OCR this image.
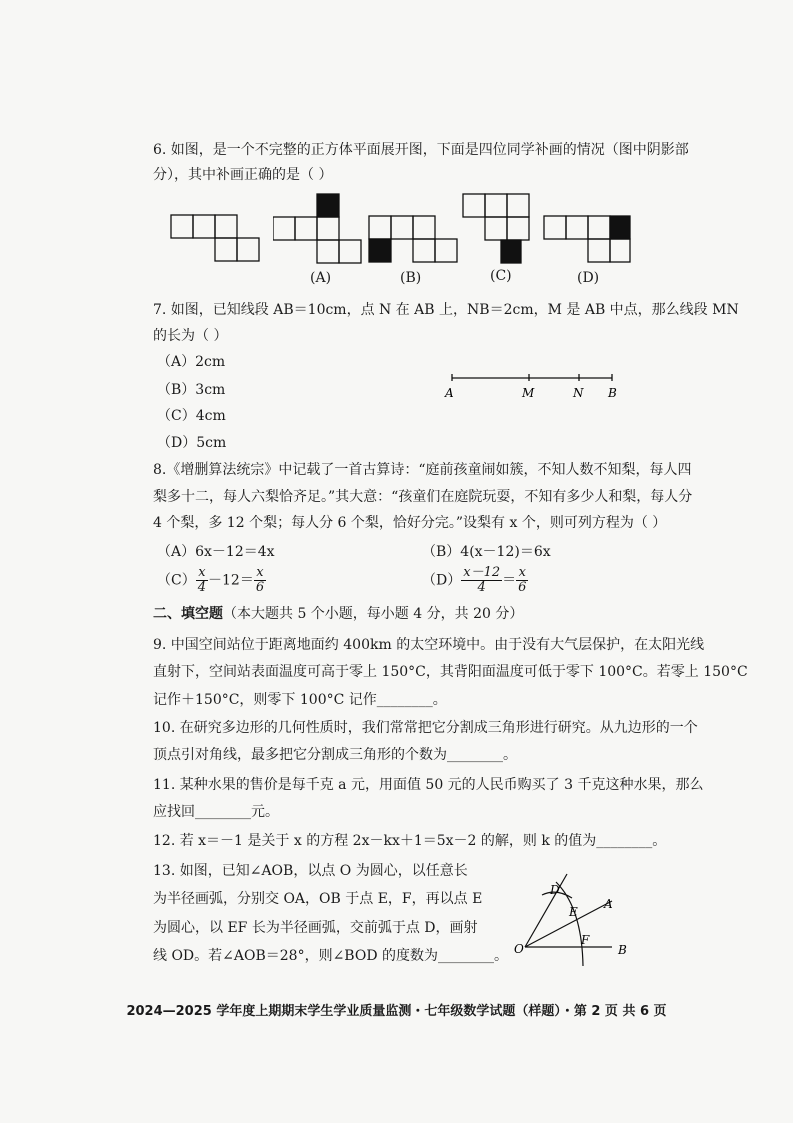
6. 如图，是一个不完整的正方体平面展开图，下面是四位同学补画的情况（图中阴影部
分），其中补画正确的是（ ）
(A)	(B)	(C)	(D)
7. 如图，已知线段 AB＝10cm，点 N 在 AB 上，NB＝2cm，M 是 AB 中点，那么线段 MN
的长为（ ）
（A）2cm
（B）3cm
（C）4cm
（D）5cm
A	M	N B
8.《增删算法统宗》中记载了一首古算诗：“庭前孩童闹如簇，不知人数不知梨，每人四
梨多十二，每人六梨恰齐足。”其大意：“孩童们在庭院玩耍，不知有多少人和梨，每人分
4 个梨，多 12 个梨；每人分 6 个梨，恰好分完。”设梨有 x 个，则可列方程为（ ）
（A）6x－12＝4x	（B）4(x－12)＝6x
$(C) \frac{x}{4} -12= \frac{x}{6}$	$(D) \frac{x-12}{4} = \frac{x}{6}$
二、填空题（本大题共 5 个小题，每小题 4 分，共 20 分）
9. 中国空间站位于距离地面约 400km 的太空环境中。由于没有大气层保护，在太阳光线
直射下，空间站表面温度可高于零上 150°C，其背阳面温度可低于零下 100°C。若零上 150°C
记作＋150°C，则零下 100°C 记作________。
10. 在研究多边形的几何性质时，我们常常把它分割成三角形进行研究。从九边形的一个
顶点引对角线，最多把它分割成三角形的个数为________。
11. 某种水果的售价是每千克 a 元，用面值 50 元的人民币购买了 3 千克这种水果，那么
应找回________元。
12. 若 x＝－1 是关于 x 的方程 2x－kx＋1＝5x－2 的解，则 k 的值为________。
13. 如图，已知∠AOB，以点 O 为圆心，以任意长
为半径画弧，分别交 OA，OB 于点 E，F，再以点 E
为圆心，以 EF 长为半径画弧，交前弧于点 D，画射
线 OD。若∠AOB＝28°，则∠BOD 的度数为________。
D
E
A
O
F
B
2024—2025 学年度上期期末学生学业质量监测・七年级数学试题（样题）・第 2 页 共 6 页
